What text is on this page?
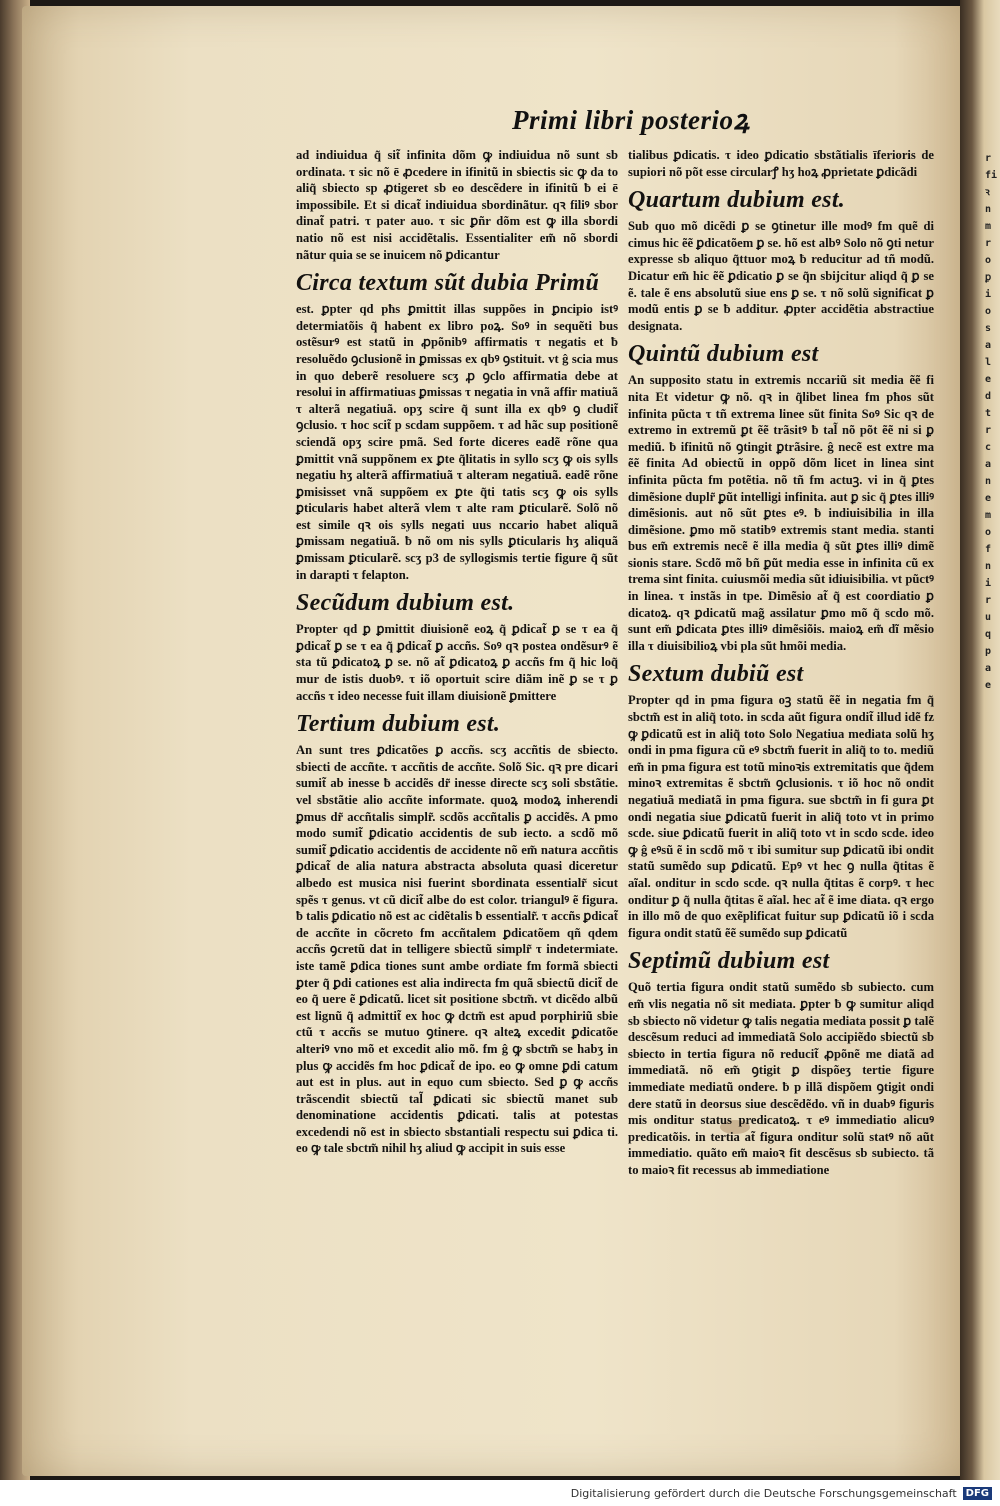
r fi ꝛ n m r o ꝑ i o s a l e d t r c a n e m o f n i r u q p a e
Primi libri posterioꝝ

ad indiuidua q̃ sit̃ infinita dõm ꝙ indiuidua nõ sunt sb ordinata. τ sic nõ ē ꝓcedere in ifinitũ in sbiectis sic ꝙ da to aliq̃ sbiecto sp ꝓtigeret sb eo descẽdere in ifinitũ ƀ ei ē impossibile. Et si dicat̃ indiuidua sbordinãtur. qꝛ filiꝰ sbor dinat̃ patri. τ pater auo. τ sic ꝑñr dõm est ꝙ illa sbordi natio nõ est nisi accidẽtalis. Essentialiter em̃ nõ sbordi nãtur quia se se inuicem nõ ꝑdicantur

Circa textum sũt dubia Primũ

est. ꝑpter qd pħs ꝑmittit illas suppões in ꝑncipio istꝰ determiatõis q̃ habent ex libro poꝝ. Soꝰ in sequẽti bus ostẽsurꝰ est statũ in ꝓpõnibꝰ affirmatis τ negatis et ƀ resoluẽdo ꝯclusionẽ in ꝑmissas ex qbꝰ ꝯstituit. vt ĝ scia mus in quo deberẽ resoluere scʒ ꝓ ꝯclo affirmatia debe at resolui in affirmatiuas ꝑmissas τ negatia in vnã affir matiuã τ alterã negatiuã. opʒ scire q̃ sunt illa ex qbꝰ ꝯ cludit̃ ꝯclusio. τ hoc scit̃ p scdam suppõem. τ ad hãc sup positionẽ sciendã opʒ scire pmã. Sed forte diceres eadẽ rõne qua ꝑmittit vnã suppõnem ex ꝑte q̃litatis in syllo scʒ ꝙ ois sylls negatiu hʒ alterã affirmatiuã τ alteram negatiuã. eadẽ rõne ꝑmisisset vnã suppõem ex ꝑte q̃ti tatis scʒ ꝙ ois sylls ꝑticularis habet alterã vlem τ alte ram ꝑticularẽ. Solõ nõ est simile qꝛ ois sylls negati uus nccario habet aliquã ꝑmissam negatiuã. ƀ nõ om nis sylls ꝑticularis hʒ aliquã ꝑmissam ꝑticularẽ. scʒ p3 de syllogismis tertie figure q̃ sũt in darapti τ felapton.

Secũdum dubium est.

Propter qd ꝑ ꝑmittit diuisionẽ eoꝝ q̃ ꝑdicat̃ ꝑ se τ ea q̃ ꝑdicat̃ ꝑ se τ ea q̃ ꝑdicat̃ ꝑ accñs. Soꝰ qꝛ postea ondẽsurꝰ ẽ sta tũ ꝑdicatoꝝ ꝑ se. nõ at̃ ꝑdicatoꝝ ꝑ accñs fm q̃ hic loq̃ mur de istis duobꝰ. τ iõ oportuit scire diãm inẽ ꝑ se τ ꝑ accñs τ ideo necesse fuit illam diuisionẽ ꝑmittere

Tertium dubium est.

An sunt tres ꝑdicatões ꝑ accñs. scʒ accñtis de sbiecto. sbiecti de accñte. τ accñtis de accñte. Solõ Sic. qꝛ pre dicari sumit̃ ab inesse ƀ accidẽs dr̃ inesse directe scʒ soli sbstãtie. vel sbstãtie alio accñte informate. quoꝝ modoꝝ inherendi ꝑmus dr̃ accñtalis simplr̃. scdõs accñtalis ꝑ accidẽs. A pmo modo sumit̃ ꝑdicatio accidentis de sub iecto. a scdõ mõ sumit̃ ꝑdicatio accidentis de accidente nõ em̃ natura accñtis ꝑdicat̃ de alia natura abstracta absoluta quasi diceretur albedo est musica nisi fuerint sbordinata essentialr̃ sicut spẽs τ genus. vt cũ dicit̃ albe do est color. triangulꝰ ẽ figura. ƀ talis ꝑdicatio nõ est ac cidẽtalis ƀ essentialr̃. τ accñs ꝑdicat̃ de accñte in cõcreto fm accñtalem ꝑdicatõem qñ qdem accñs ꝯcretũ dat in telligere sbiectũ simplr̃ τ indetermiate. iste tamẽ ꝑdica tiones sunt ambe ordiate fm formã sbiecti ꝑter q̃ ꝑdi cationes est alia indirecta fm quã sbiectũ dicit̃ de eo q̃ uere ẽ ꝑdicatũ. licet sit positione sbctm̃. vt dicẽdo albũ est lignũ q̃ admittit̃ ex hoc ꝙ dctm̃ est apud porphiriũ sbie ctũ τ accñs se mutuo ꝯtinere. qꝛ alteꝝ excedit ꝑdicatõe alteriꝰ vno mõ et excedit alio mõ. fm ĝ ꝙ sbctm̃ se habʒ in plus ꝙ accidẽs fm hoc ꝑdicat̃ de ipo. eo ꝙ omne ꝑdi catum aut est in plus. aut in equo cum sbiecto. Sed ꝑ ꝙ accñs trãscendit sbiectũ tal̃ ꝑdicati sic sbiectũ manet sub denominatione accidentis ꝑdicati. talis at potestas excedendi nõ est in sbiecto sbstantiali respectu sui ꝑdica ti. eo ꝙ tale sbctm̃ nihil hʒ aliud ꝙ accipit in suis esse

tialibus ꝑdicatis. τ ideo ꝑdicatio sbstãtialis īferioris de supiori nõ põt esse circularꝭ hʒ hoꝝ ꝓprietate ꝑdicãdi

Quartum dubium est.

Sub quo mõ dicẽdi ꝑ se ꝯtinetur ille modꝰ fm quẽ di cimus hic ẽẽ ꝑdicatõem ꝑ se. hõ est albꝰ Solo nõ ꝯti netur expresse sb aliquo q̃ttuor moꝝ ƀ reducitur ad tñ modũ. Dicatur em̃ hic ẽẽ ꝑdicatio ꝑ se q̃n sbijcitur aliqd q̃ ꝑ se ẽ. tale ẽ ens absolutũ siue ens ꝑ se. τ nõ solũ significat ꝑ modũ entis ꝑ se ƀ additur. ꝓpter accidẽtia abstractiue designata.

Quintũ dubium est

An supposito statu in extremis nccariũ sit media ẽẽ fi nita Et videtur ꝙ nõ. qꝛ in q̃libet linea fm pħos sũt infinita pũcta τ tñ extrema linee sũt finita Soꝰ Sic qꝛ de extremo in extremũ ꝑt ẽẽ trãsitꝰ ƀ tal̃ nõ põt ẽẽ ni si ꝑ mediũ. ƀ ifinitũ nõ ꝯtingit ꝑtrãsire. ĝ necẽ est extre ma ẽẽ finita Ad obiectũ in oppõ dõm licet in linea sint infinita pũcta fm potẽtia. nõ tñ fm actuꝫ. vi in q̃ ꝑtes dimẽsione duplr̃ ꝑũt intelligi infinita. aut ꝑ sic q̃ ꝑtes illiꝰ dimẽsionis. aut nõ sũt ꝑtes eꝰ. ƀ indiuisibilia in illa dimẽsione. ꝑmo mõ statibꝰ extremis stant media. stanti bus em̃ extremis necẽ ẽ illa media q̃ sũt ꝑtes illiꝰ dimẽ sionis stare. Scdõ mõ bñ ꝑũt media esse in infinita cũ ex trema sint finita. cuiusmõi media sũt idiuisibilia. vt pũctꝰ in linea. τ instãs in tpe. Dimẽsio at̃ q̃ est coordiatio ꝑ dicatoꝝ. qꝛ ꝑdicatũ mag̃ assilatur ꝑmo mõ q̃ scdo mõ. sunt em̃ ꝑdicata ꝑtes illiꝰ dimẽsiõis. maioꝝ em̃ dĩ mẽsio illa τ diuisibilioꝝ vbi pla sũt hmõi media.

Sextum dubiũ est

Propter qd in pma figura oꝫ statũ ẽẽ in negatia fm q̃ sbctm̃ est in aliq̃ toto. in scda aũt figura ondit̃ illud idẽ fz ꝙ ꝑdicatũ est in aliq̃ toto Solo Negatiua mediata solũ hʒ ondi in pma figura cũ eꝰ sbctm̃ fuerit in aliq̃ to to. mediũ em̃ in pma figura est totũ minoꝛis extremitatis que q̃dem minoꝛ extremitas ẽ sbctm̃ ꝯclusionis. τ iõ hoc nõ ondit negatiuã mediatã in pma figura. sue sbctm̃ in fi gura ꝑt ondi negatia siue ꝑdicatũ fuerit in aliq̃ toto vt in primo scde. siue ꝑdicatũ fuerit in aliq̃ toto vt in scdo scde. ideo ꝙ ĝ eꝰsũ ẽ in scdõ mõ τ ibi sumitur sup ꝑdicatũ ibi ondit statũ sumẽdo sup ꝑdicatũ. Epꝰ vt hec ꝯ nulla q̃titas ẽ aĩal. onditur in scdo scde. qꝛ nulla q̃titas ẽ corpꝰ. τ hec onditur ꝑ q̃ nulla q̃titas ẽ aĩal. hec at̃ ẽ ime diata. qꝛ ergo in illo mõ de quo exẽplificat fuitur sup ꝑdicatũ iõ i scda figura ondit statũ ẽẽ sumẽdo sup ꝑdicatũ

Septimũ dubium est

Quõ tertia figura ondit statũ sumẽdo sb subiecto. cum em̃ vlis negatia nõ sit mediata. ꝑpter ƀ ꝙ sumitur aliqd sb sbiecto nõ videtur ꝙ talis negatia mediata possit ꝑ talẽ descẽsum reduci ad immediatã Solo accipiẽdo sbiectũ sb sbiecto in tertia figura nõ reducit̃ ꝓpõnẽ me diatã ad immediatã. nõ em̃ ꝯtigit ꝑ dispõeʒ tertie figure immediate mediatũ ondere. ƀ p illã dispõem ꝯtigit ondi dere statũ in deorsus siue descẽdẽdo. vñ in duabꝰ figuris mis onditur status predicatoꝝ. τ eꝰ immediatio alicuꝰ predicatõis. in tertia at̃ figura onditur solũ statꝰ nõ aũt immediatio. quãto em̃ maioꝛ fit descẽsus sb subiecto. tã to maioꝛ fit recessus ab immediatione

Digitalisierung gefördert durch die Deutsche Forschungsgemeinschaft DFG
